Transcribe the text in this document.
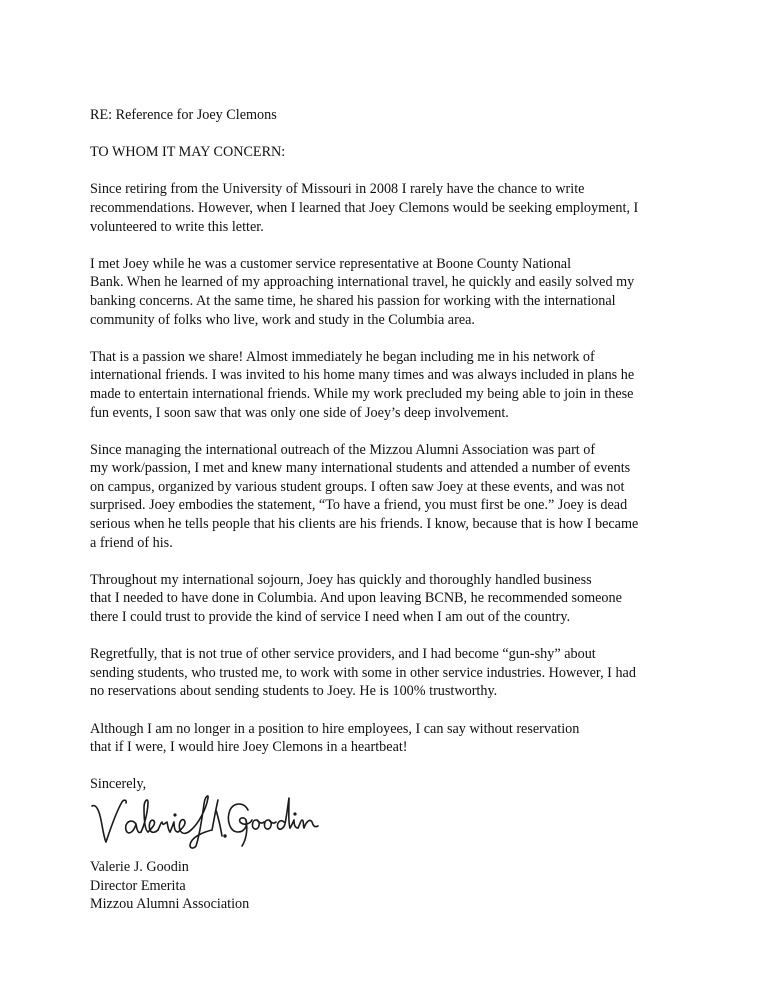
RE: Reference for Joey Clemons
TO WHOM IT MAY CONCERN:
Since retiring from the University of Missouri in 2008 I rarely have the chance to write
recommendations. However, when I learned that Joey Clemons would be seeking employment, I
volunteered to write this letter.
I met Joey while he was a customer service representative at Boone County National
Bank. When he learned of my approaching international travel, he quickly and easily solved my
banking concerns. At the same time, he shared his passion for working with the international
community of folks who live, work and study in the Columbia area.
That is a passion we share! Almost immediately he began including me in his network of
international friends. I was invited to his home many times and was always included in plans he
made to entertain international friends. While my work precluded my being able to join in these
fun events, I soon saw that was only one side of Joey’s deep involvement.
Since managing the international outreach of the Mizzou Alumni Association was part of
my work/passion, I met and knew many international students and attended a number of events
on campus, organized by various student groups. I often saw Joey at these events, and was not
surprised. Joey embodies the statement, “To have a friend, you must first be one.” Joey is dead
serious when he tells people that his clients are his friends. I know, because that is how I became
a friend of his.
Throughout my international sojourn, Joey has quickly and thoroughly handled business
that I needed to have done in Columbia. And upon leaving BCNB, he recommended someone
there I could trust to provide the kind of service I need when I am out of the country.
Regretfully, that is not true of other service providers, and I had become “gun-shy” about
sending students, who trusted me, to work with some in other service industries. However, I had
no reservations about sending students to Joey. He is 100% trustworthy.
Although I am no longer in a position to hire employees, I can say without reservation
that if I were, I would hire Joey Clemons in a heartbeat!
Sincerely,
Valerie J. Goodin
Director Emerita
Mizzou Alumni Association
